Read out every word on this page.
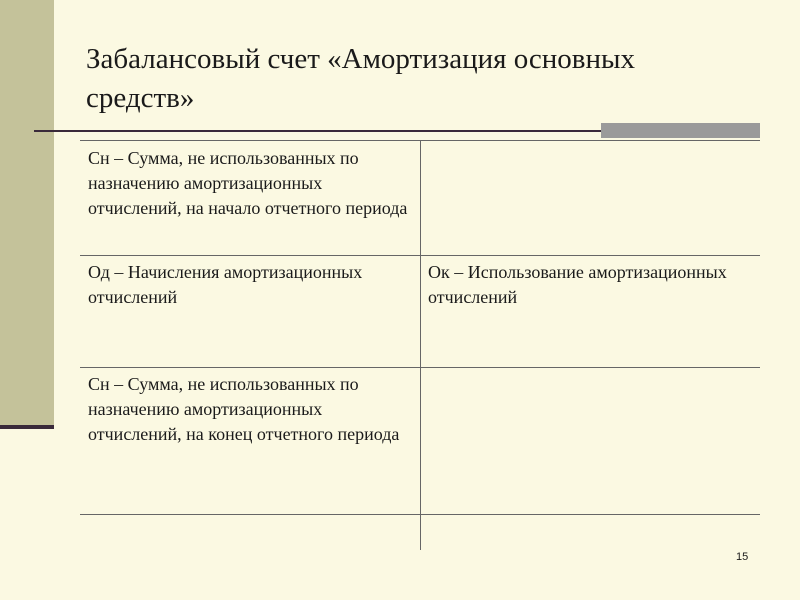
Забалансовый счет «Амортизация основных средств»
Сн – Сумма, не использованных по назначению амортизационных отчислений, на начало отчетного периода
Од – Начисления амортизационных отчислений
Ок – Использование амортизационных отчислений
Сн – Сумма, не использованных по назначению амортизационных отчислений, на конец отчетного периода
15
